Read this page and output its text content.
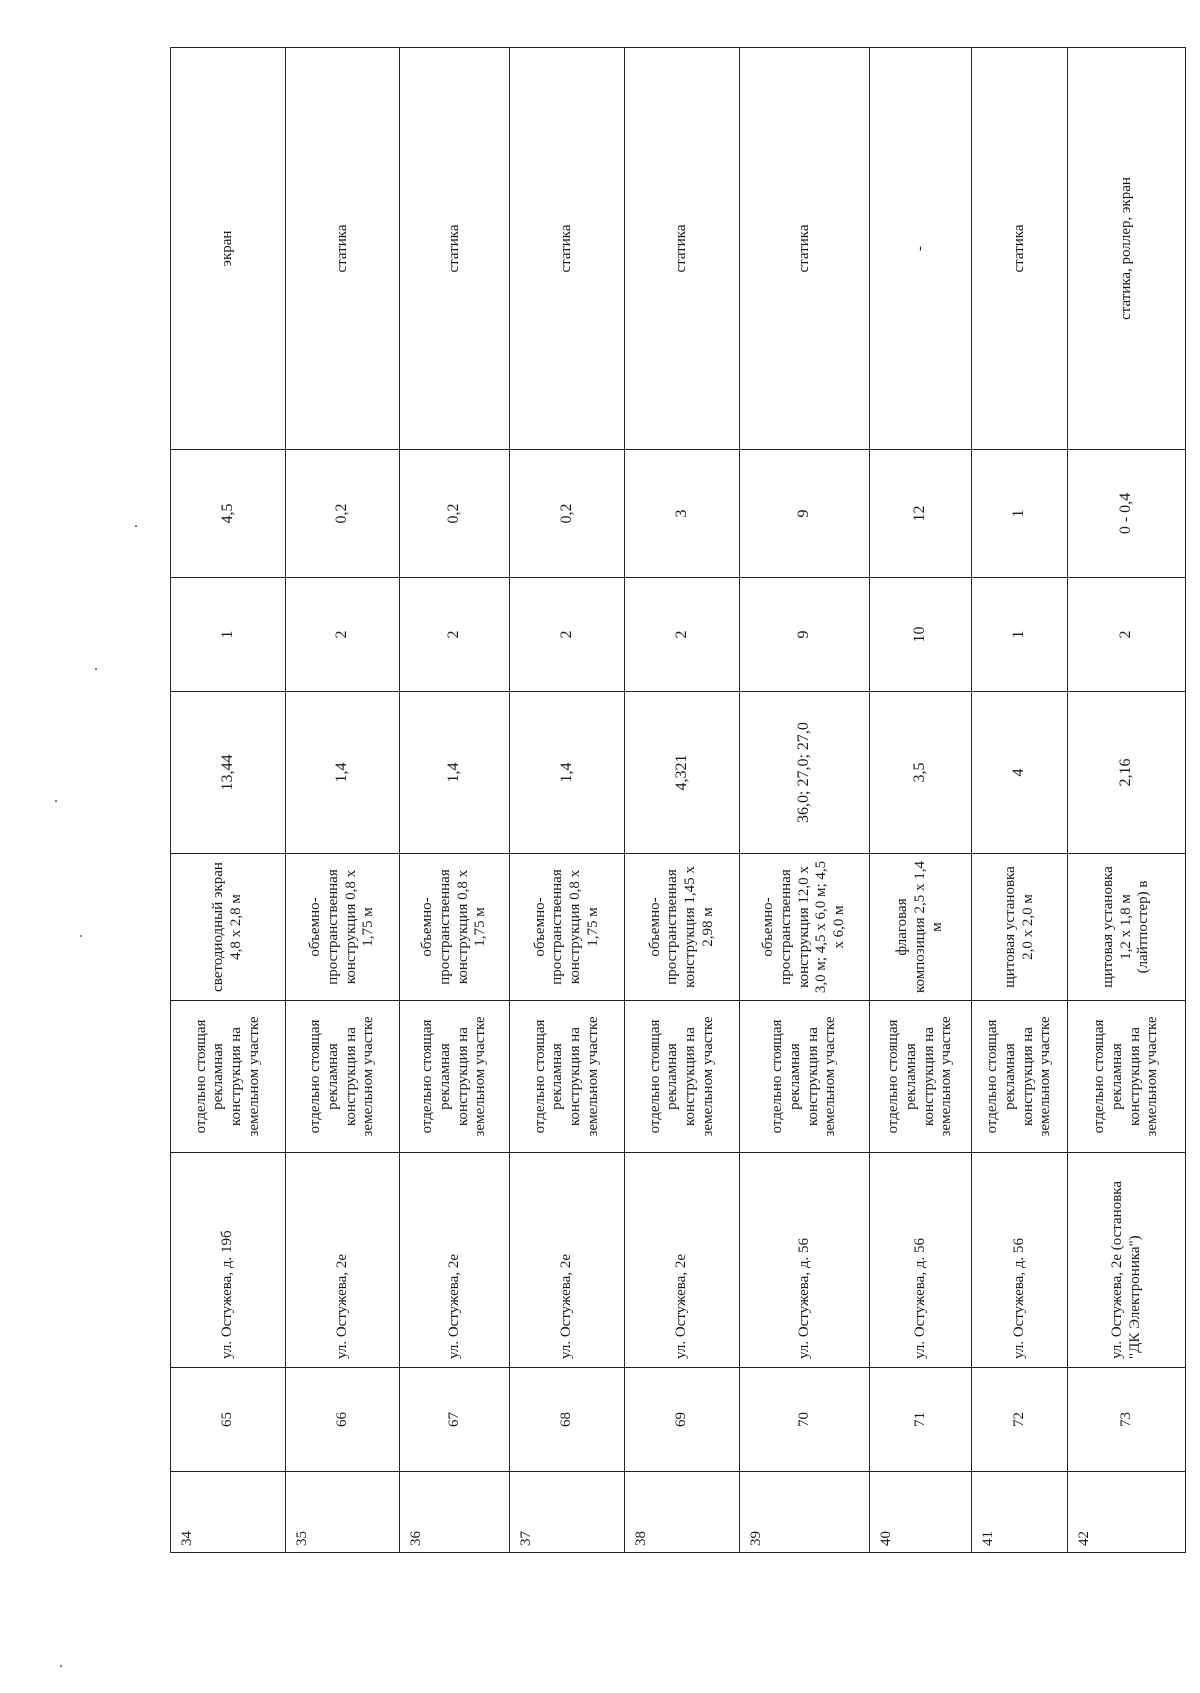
34	65	ул. Остужева, д. 19б	отдельно стоящая рекламная конструкция на земельном участке	светодиодный экран 4,8 х 2,8 м	13,44	1	4,5	экран
35	66	ул. Остужева, 2е	отдельно стоящая рекламная конструкция на земельном участке	объемно-пространственная конструкция 0,8 х 1,75 м	1,4	2	0,2	статика
36	67	ул. Остужева, 2е	отдельно стоящая рекламная конструкция на земельном участке	объемно-пространственная конструкция 0,8 х 1,75 м	1,4	2	0,2	статика
37	68	ул. Остужева, 2е	отдельно стоящая рекламная конструкция на земельном участке	объемно-пространственная конструкция 0,8 х 1,75 м	1,4	2	0,2	статика
38	69	ул. Остужева, 2е	отдельно стоящая рекламная конструкция на земельном участке	объемно-пространственная конструкция 1,45 х 2,98 м	4,321	2	3	статика
39	70	ул. Остужева, д. 56	отдельно стоящая рекламная конструкция на земельном участке	объемно-пространственная конструкция 12,0 х 3,0 м; 4,5 х 6,0 м; 4,5 х 6,0 м	36,0; 27,0; 27,0	9	9	статика
40	71	ул. Остужева, д. 56	отдельно стоящая рекламная конструкция на земельном участке	флаговая композиция 2,5 х 1,4 м	3,5	10	12	-
41	72	ул. Остужева, д. 56	отдельно стоящая рекламная конструкция на земельном участке	щитовая установка 2,0 х 2,0 м	4	1	1	статика
42	73	ул. Остужева, 2е (остановка "ДК Электроника")	отдельно стоящая рекламная конструкция на земельном участке	щитовая установка 1,2 х 1,8 м (лайтпостер) в	2,16	2	0 - 0,4	статика, роллер, экран
